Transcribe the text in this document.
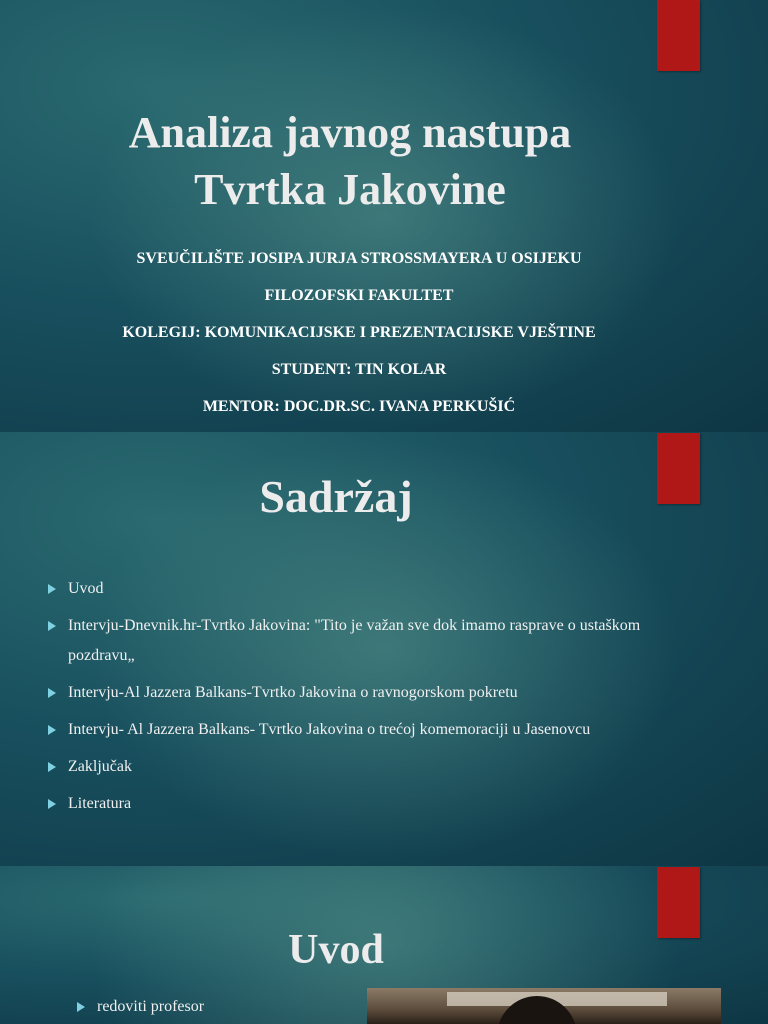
Analiza javnog nastupa
Tvrtka Jakovine
SVEUČILIŠTE JOSIPA JURJA STROSSMAYERA U OSIJEKU
FILOZOFSKI FAKULTET
KOLEGIJ: KOMUNIKACIJSKE I PREZENTACIJSKE VJEŠTINE
STUDENT: TIN KOLAR
MENTOR: DOC.DR.SC. IVANA PERKUŠIĆ
Sadržaj
Uvod
Intervju-Dnevnik.hr-Tvrtko Jakovina: "Tito je važan sve dok imamo rasprave o ustaškom pozdravu„
Intervju-Al Jazzera Balkans-Tvrtko Jakovina o ravnogorskom pokretu
Intervju- Al Jazzera Balkans- Tvrtko Jakovina o trećoj komemoraciji u Jasenovcu
Zaključak
Literatura
Uvod
redoviti profesor
